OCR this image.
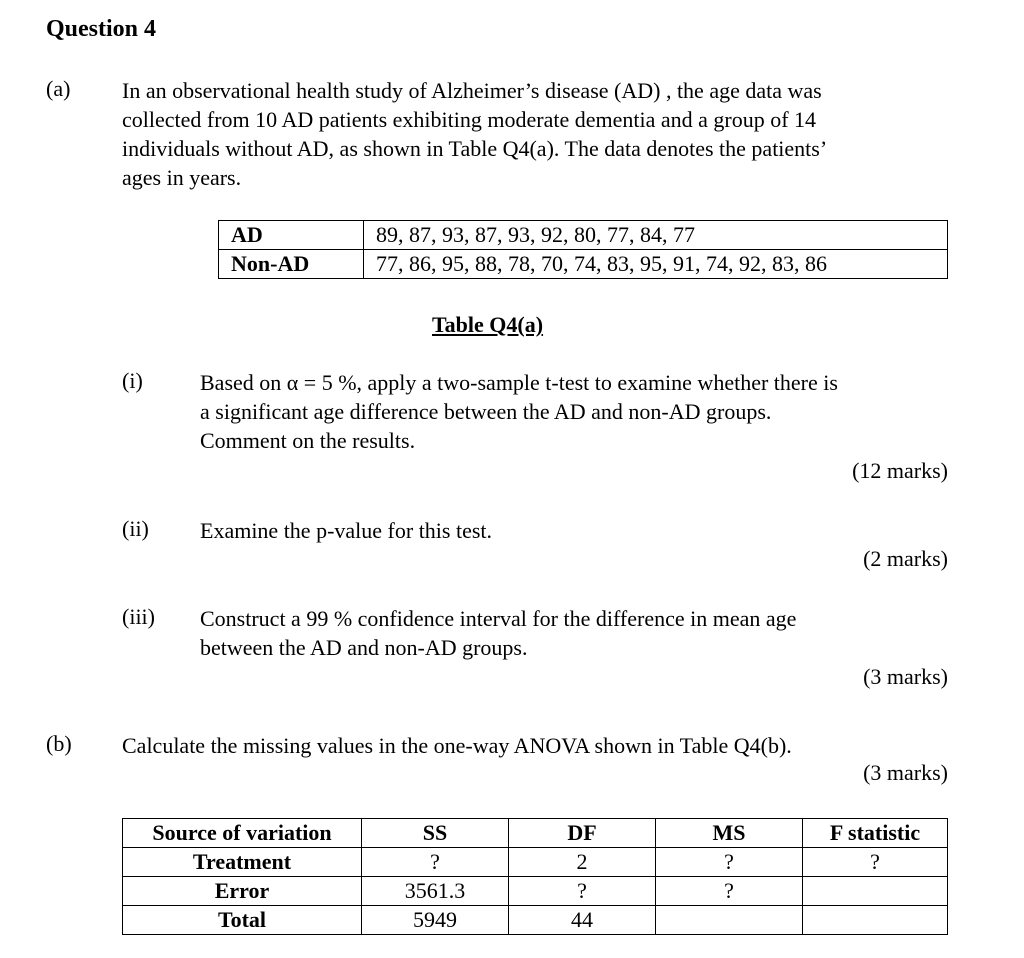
Question 4
(a) In an observational health study of Alzheimer’s disease (AD) , the age data was
collected from 10 AD patients exhibiting moderate dementia and a group of 14
individuals without AD, as shown in Table Q4(a). The data denotes the patients’
ages in years.
AD	89, 87, 93, 87, 93, 92, 80, 77, 84, 77
Non-AD	77, 86, 95, 88, 78, 70, 74, 83, 95, 91, 74, 92, 83, 86
Table Q4(a)
(i)	Based on α = 5 %, apply a two-sample t-test to examine whether there is
a significant age difference between the AD and non-AD groups.
Comment on the results.
(12 marks)
(ii) Examine the p-value for this test.
(2 marks)
(iii) Construct a 99 % confidence interval for the difference in mean age
between the AD and non-AD groups.
(3 marks)
(b) Calculate the missing values in the one-way ANOVA shown in Table Q4(b).
(3 marks)
Source of variation	SS	DF	MS	F statistic
Treatment	?	2	?	?
Error	3561.3	?	?	
Total	5949	44		
